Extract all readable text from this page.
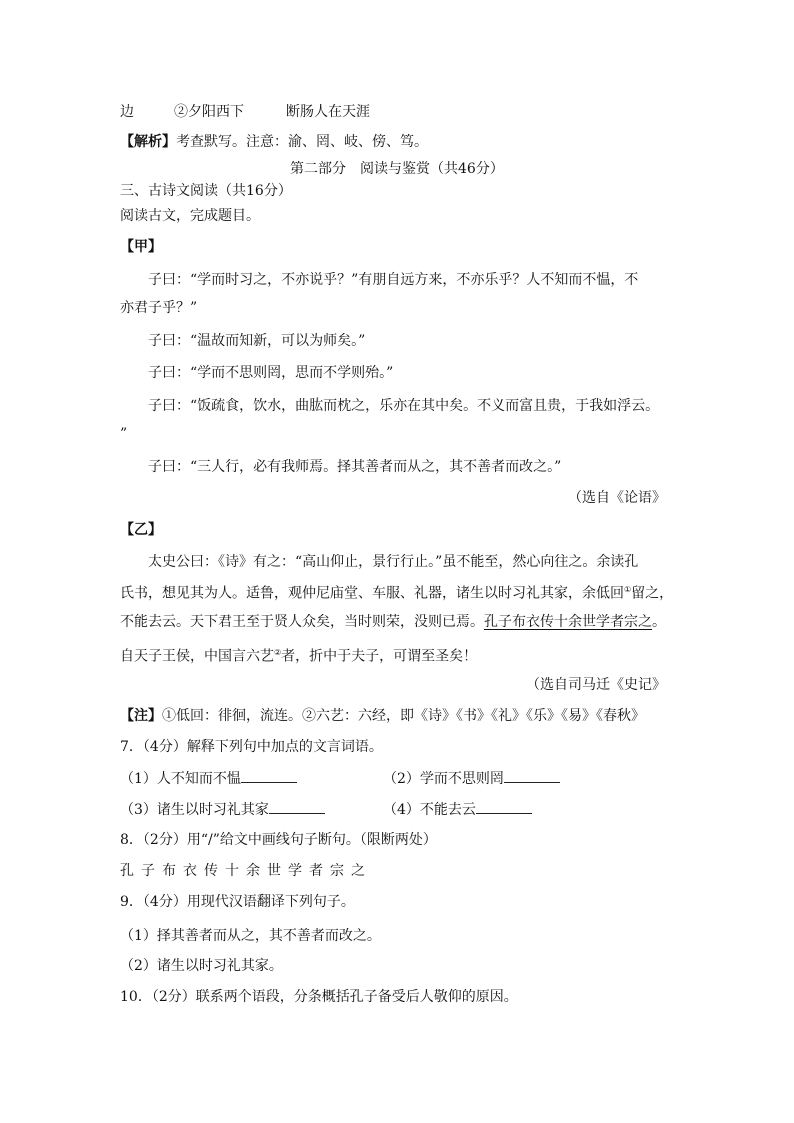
边	②夕阳西下	断肠人在天涯
【解析】考查默写。注意：渝、罔、岐、傍、笃。
第二部分　阅读与鉴赏（共46分）
三、古诗文阅读（共16分）
阅读古文，完成题目。
【甲】
子曰：“学而时习之，不亦说乎？”有朋自远方来，不亦乐乎？人不知而不愠，不
亦君子乎？”
子曰：“温故而知新，可以为师矣。”
子曰：“学而不思则罔，思而不学则殆。”
子曰：“饭疏食，饮水，曲肱而枕之，乐亦在其中矣。不义而富且贵，于我如浮云。
”
子曰：“三人行，必有我师焉。择其善者而从之，其不善者而改之。”
（选自《论语》
【乙】
太史公曰：《诗》有之：“高山仰止，景行行止。”虽不能至，然心向往之。余读孔
氏书，想见其为人。适鲁，观仲尼庙堂、车服、礼器，诸生以时习礼其家，余低回①留之，
不能去云。天下君王至于贤人众矣，当时则荣，没则已焉。孔子布衣传十余世学者宗之。
自天子王侯，中国言六艺②者，折中于夫子，可谓至圣矣！
（选自司马迁《史记》
【注】①低回：徘徊，流连。②六艺：六经，即《诗》《书》《礼》《乐》《易》《春秋》
7．（4分）解释下列句中加点的文言词语。
（1）人不知而不愠	（2）学而不思则罔
（3）诸生以时习礼其家	（4）不能去云
8．（2分）用“/”给文中画线句子断句。（限断两处）
孔子布衣传十余世学者宗之
9．（4分）用现代汉语翻译下列句子。
（1）择其善者而从之，其不善者而改之。
（2）诸生以时习礼其家。
10．（2分）联系两个语段，分条概括孔子备受后人敬仰的原因。
